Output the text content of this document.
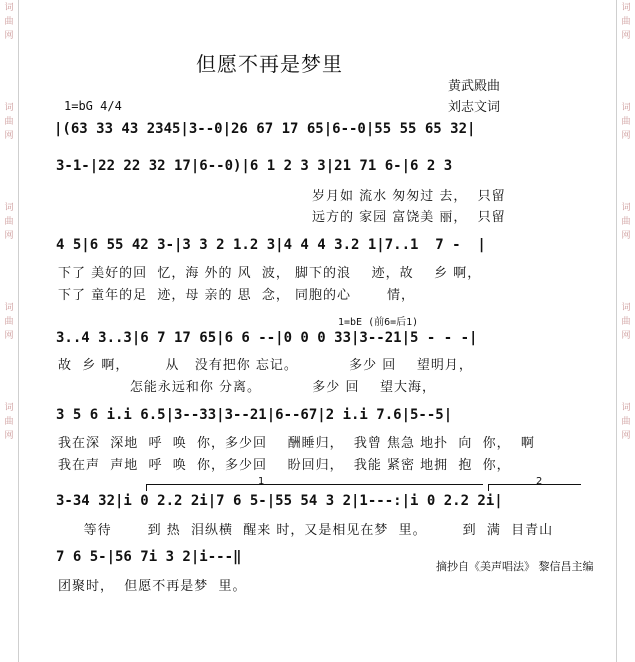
词
曲
网
词
曲
网
词
曲
网
词
曲
网
词
曲
网
词
曲
网
词
曲
网
词
曲
网
词
曲
网
词
曲
网
但愿不再是梦里
黄武殿曲
刘志文词
1=bG 4/4
|(63 33 43 2345|3--0|26 67 17 65|6--0|55 55 65 32|
3-1-|22 22 32 17|6--0)|6 1 2 3 3|21 71 6-|6 2 3
岁月如 流水 匆匆过 去，  只留
远方的 家园 富饶美 丽，  只留
4 5|6 55 42 3-|3 3 2 1.2 3|4 4 4 3.2 1|7..1  7 -  |
下了 美好的回  忆，海 外的 风  波， 脚下的浪    迹，故    乡 啊，
下了 童年的足  迹，母 亲的 思  念， 同胞的心       情，
1=bE (前6=后1)
3..4 3..3|6 7 17 65|6 6 --|0 0 0 33|3--21|5 - - -|
故  乡 啊，       从   没有把你 忘记。          多少 回    望明月，
怎能永远和你 分离。          多少 回    望大海，
3 5 6 i.i 6.5|3--33|3--21|6--67|2 i.i 7.6|5--5|
我在深  深地  呼  唤  你，多少回    酬睡归，  我曾 焦急 地扑  向  你，  啊
我在声  声地  呼  唤  你，多少回    盼回归，  我能 紧密 地拥  抱  你，
1	2
3-34 32|i 0 2.2 2i|7 6 5-|55 54 3 2|1---:|i 0 2.2 2i|
等待       到 热  泪纵横  醒来 时，又是相见在梦  里。       到  满  目青山
7 6 5-|56 7i 3 2|i---‖
团聚时，  但愿不再是梦  里。
摘抄自《美声唱法》 黎信昌主编
